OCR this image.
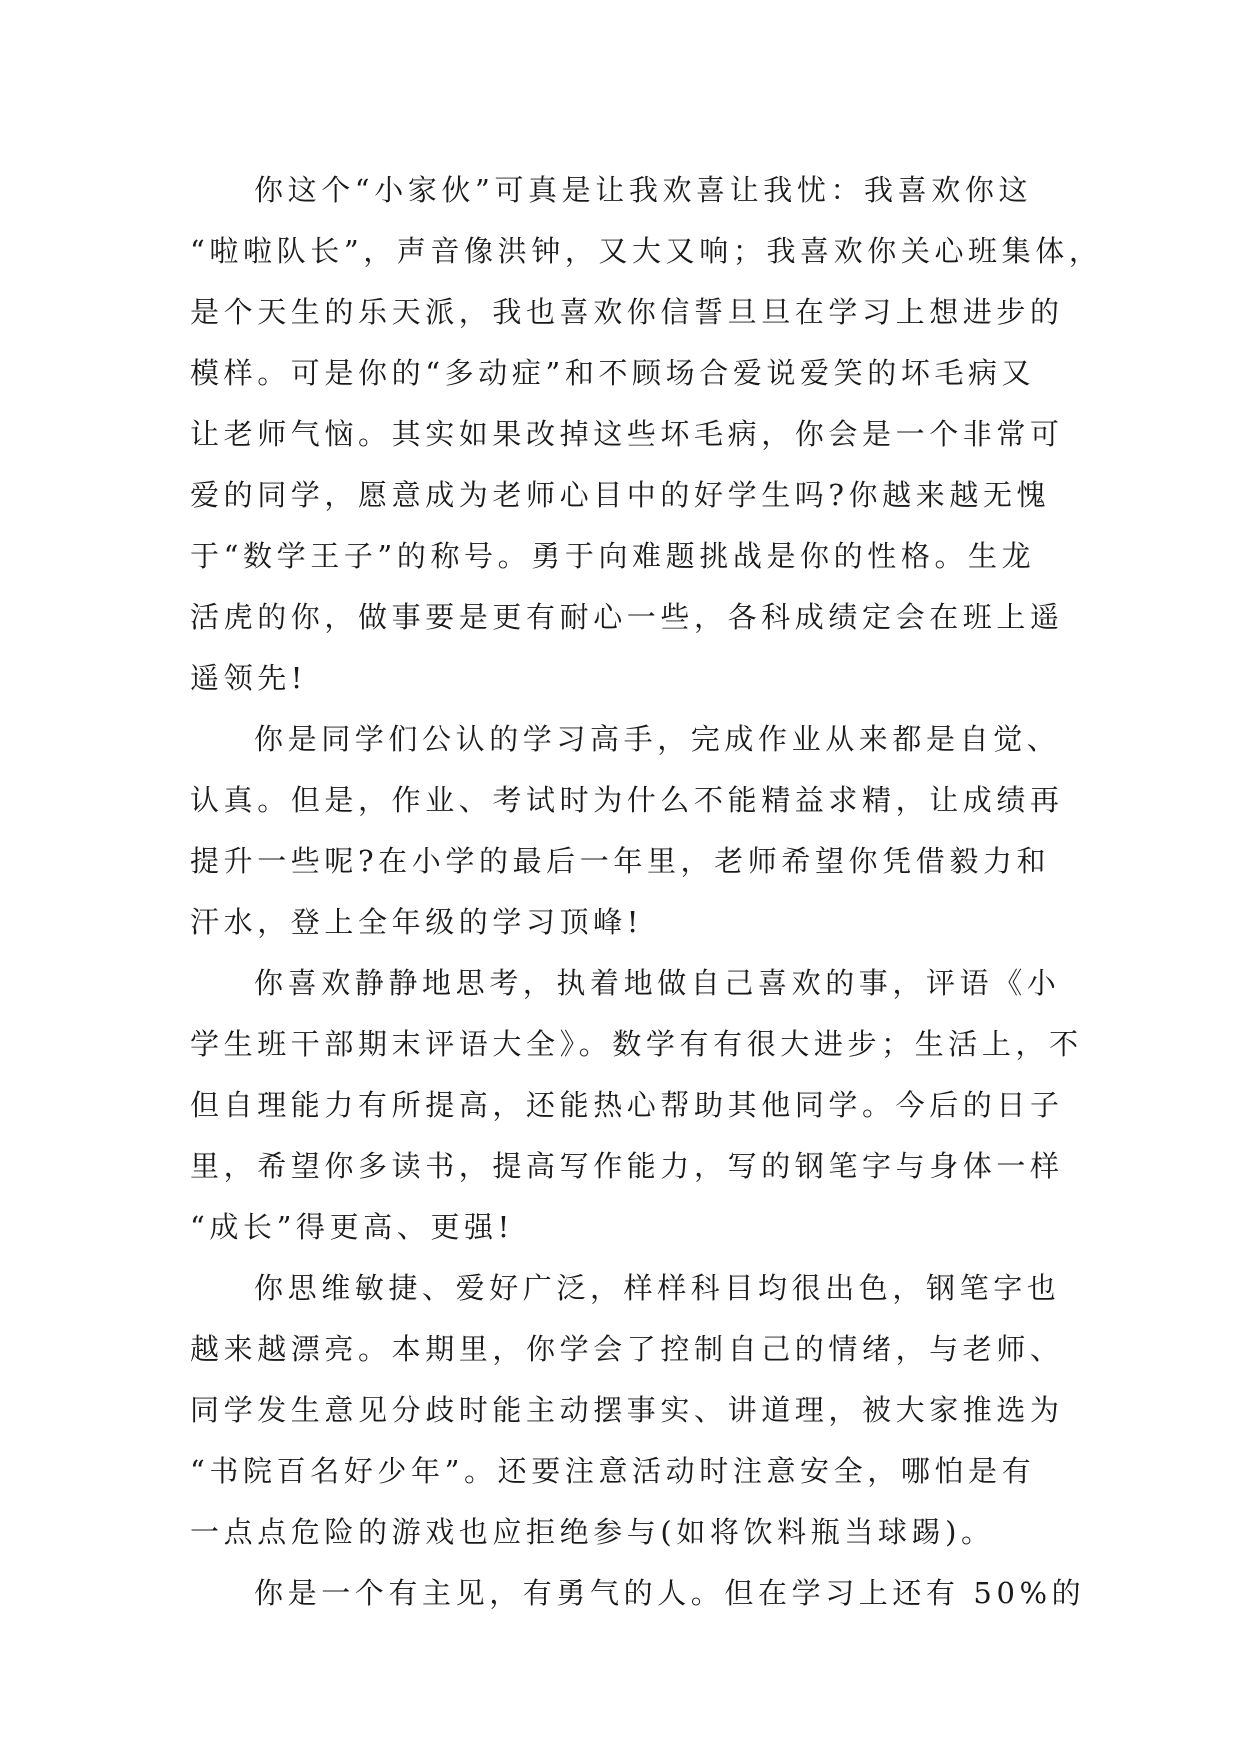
你这个“小家伙”可真是让我欢喜让我忧：我喜欢你这
“啦啦队长”，声音像洪钟，又大又响；我喜欢你关心班集体，
是个天生的乐天派，我也喜欢你信誓旦旦在学习上想进步的
模样。可是你的“多动症”和不顾场合爱说爱笑的坏毛病又
让老师气恼。其实如果改掉这些坏毛病，你会是一个非常可
爱的同学，愿意成为老师心目中的好学生吗?你越来越无愧
于“数学王子”的称号。勇于向难题挑战是你的性格。生龙
活虎的你，做事要是更有耐心一些，各科成绩定会在班上遥
遥领先!
你是同学们公认的学习高手，完成作业从来都是自觉、
认真。但是，作业、考试时为什么不能精益求精，让成绩再
提升一些呢?在小学的最后一年里，老师希望你凭借毅力和
汗水，登上全年级的学习顶峰!
你喜欢静静地思考，执着地做自己喜欢的事，评语《小
学生班干部期末评语大全》。数学有有很大进步；生活上，不
但自理能力有所提高，还能热心帮助其他同学。今后的日子
里，希望你多读书，提高写作能力，写的钢笔字与身体一样
“成长”得更高、更强!
你思维敏捷、爱好广泛，样样科目均很出色，钢笔字也
越来越漂亮。本期里，你学会了控制自己的情绪，与老师、
同学发生意见分歧时能主动摆事实、讲道理，被大家推选为
“书院百名好少年”。还要注意活动时注意安全，哪怕是有
一点点危险的游戏也应拒绝参与(如将饮料瓶当球踢)。
你是一个有主见，有勇气的人。但在学习上还有 50%的
